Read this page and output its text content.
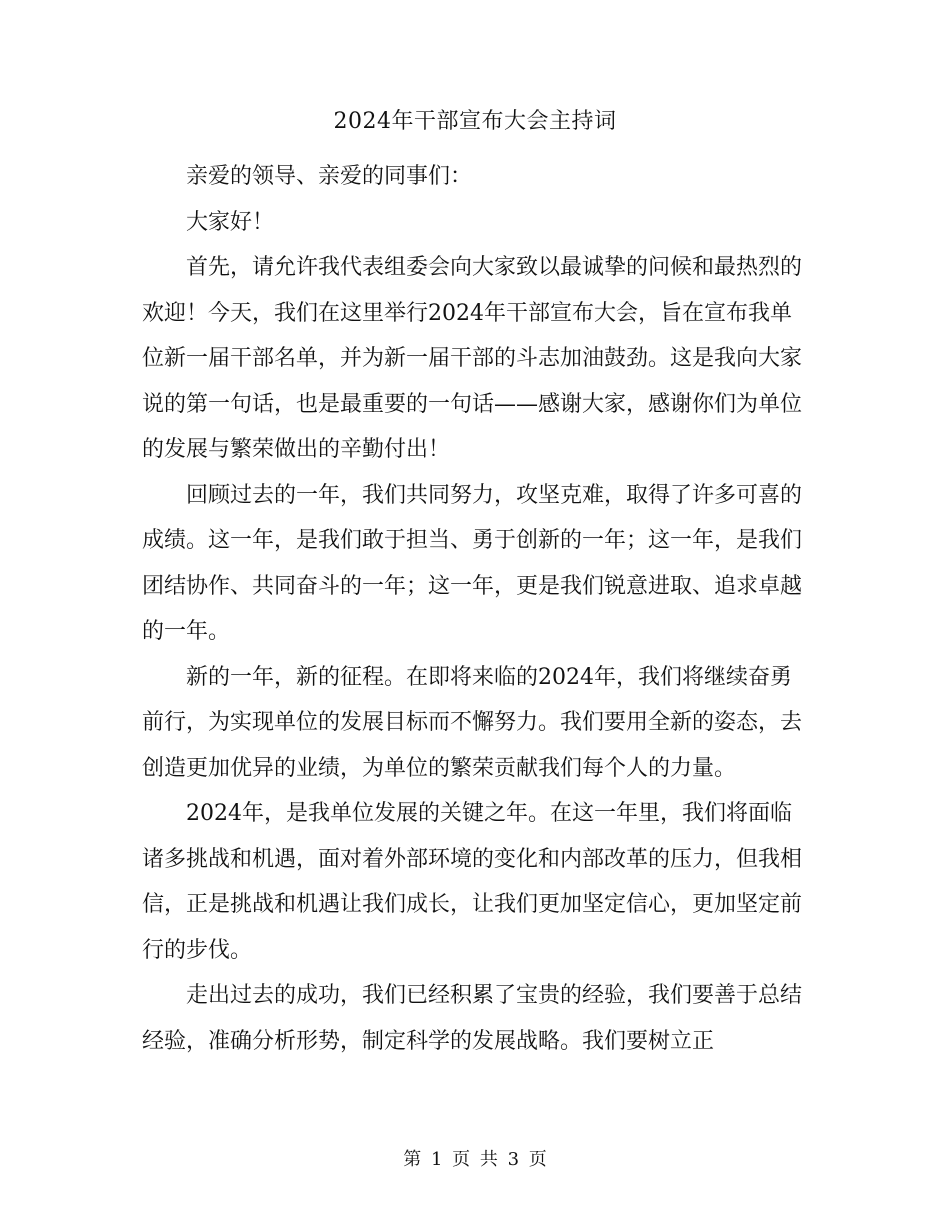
2024年干部宣布大会主持词

亲爱的领导、亲爱的同事们：

大家好！

首先，请允许我代表组委会向大家致以最诚挚的问候和最热烈的欢迎！今天，我们在这里举行2024年干部宣布大会，旨在宣布我单位新一届干部名单，并为新一届干部的斗志加油鼓劲。这是我向大家说的第一句话，也是最重要的一句话——感谢大家，感谢你们为单位的发展与繁荣做出的辛勤付出！

回顾过去的一年，我们共同努力，攻坚克难，取得了许多可喜的成绩。这一年，是我们敢于担当、勇于创新的一年；这一年，是我们团结协作、共同奋斗的一年；这一年，更是我们锐意进取、追求卓越的一年。

新的一年，新的征程。在即将来临的2024年，我们将继续奋勇前行，为实现单位的发展目标而不懈努力。我们要用全新的姿态，去创造更加优异的业绩，为单位的繁荣贡献我们每个人的力量。

2024年，是我单位发展的关键之年。在这一年里，我们将面临诸多挑战和机遇，面对着外部环境的变化和内部改革的压力，但我相信，正是挑战和机遇让我们成长，让我们更加坚定信心，更加坚定前行的步伐。

走出过去的成功，我们已经积累了宝贵的经验，我们要善于总结经验，准确分析形势，制定科学的发展战略。我们要树立正

第 1 页 共 3 页
